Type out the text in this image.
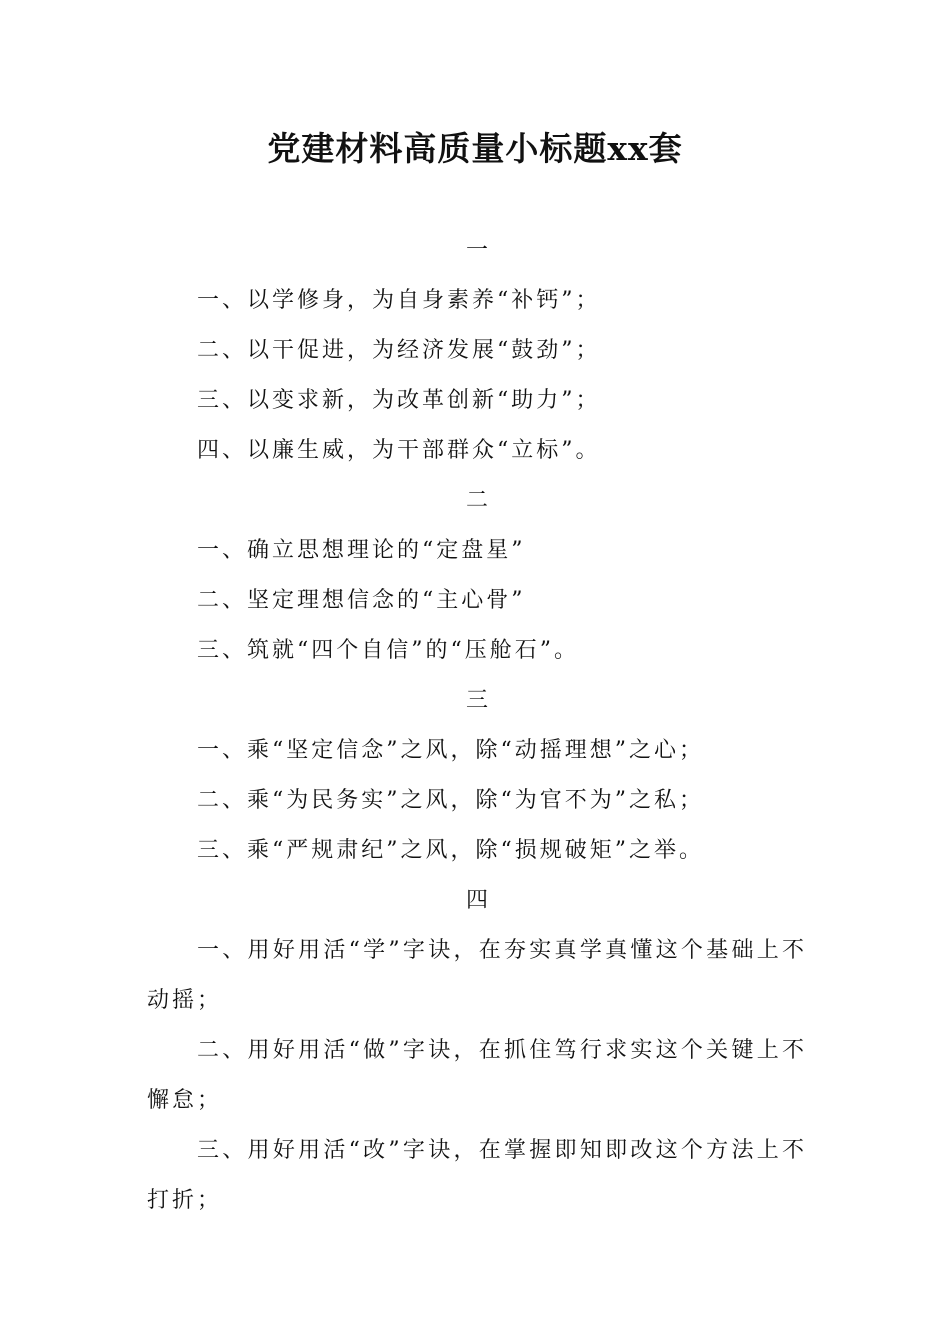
党建材料高质量小标题xx套

一

一、以学修身，为自身素养“补钙”；

二、以干促进，为经济发展“鼓劲”；

三、以变求新，为改革创新“助力”；

四、以廉生威，为干部群众“立标”。

二

一、确立思想理论的“定盘星”

二、坚定理想信念的“主心骨”

三、筑就“四个自信”的“压舱石”。

三

一、乘“坚定信念”之风，除“动摇理想”之心；

二、乘“为民务实”之风，除“为官不为”之私；

三、乘“严规肃纪”之风，除“损规破矩”之举。

四

一、用好用活“学”字诀，在夯实真学真懂这个基础上不动摇；

二、用好用活“做”字诀，在抓住笃行求实这个关键上不懈怠；

三、用好用活“改”字诀，在掌握即知即改这个方法上不打折；
